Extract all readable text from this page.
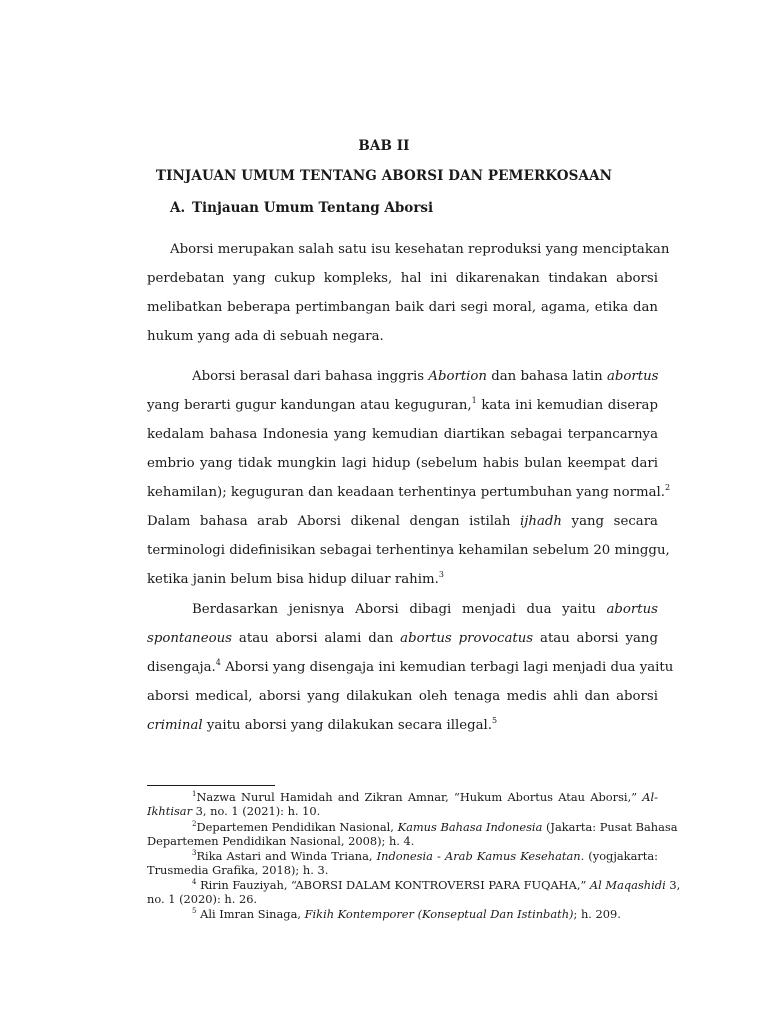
BAB II
TINJAUAN UMUM TENTANG ABORSI DAN PEMERKOSAAN
A. Tinjauan Umum Tentang Aborsi
Aborsi merupakan salah satu isu kesehatan reproduksi yang menciptakan
perdebatan yang cukup kompleks, hal ini dikarenakan tindakan aborsi
melibatkan beberapa pertimbangan baik dari segi moral, agama, etika dan
hukum yang ada di sebuah negara.
Aborsi berasal dari bahasa inggris Abortion dan bahasa latin abortus
yang berarti gugur kandungan atau keguguran,$^1$ kata ini kemudian diserap
kedalam bahasa Indonesia yang kemudian diartikan sebagai terpancarnya
embrio yang tidak mungkin lagi hidup (sebelum habis bulan keempat dari
kehamilan); keguguran dan keadaan terhentinya pertumbuhan yang normal.$^2$
Dalam bahasa arab Aborsi dikenal dengan istilah ijhadh yang secara
terminologi didefinisikan sebagai terhentinya kehamilan sebelum 20 minggu,
ketika janin belum bisa hidup diluar rahim.$^3$
Berdasarkan jenisnya Aborsi dibagi menjadi dua yaitu abortus
spontaneous atau aborsi alami dan abortus provocatus atau aborsi yang
disengaja.$^4$ Aborsi yang disengaja ini kemudian terbagi lagi menjadi dua yaitu
aborsi medical, aborsi yang dilakukan oleh tenaga medis ahli dan aborsi
criminal yaitu aborsi yang dilakukan secara illegal.$^5$
$^1$Nazwa Nurul Hamidah and Zikran Amnar, “Hukum Abortus Atau Aborsi,” Al-
Ikhtisar 3, no. 1 (2021): h. 10.
$^2$Departemen Pendidikan Nasional, Kamus Bahasa Indonesia (Jakarta: Pusat Bahasa
Departemen Pendidikan Nasional, 2008); h. 4.
$^3$Rika Astari and Winda Triana, Indonesia - Arab Kamus Kesehatan. (yogjakarta:
Trusmedia Grafika, 2018); h. 3.
$^4$ Ririn Fauziyah, “ABORSI DALAM KONTROVERSI PARA FUQAHA,” Al Maqashidi 3,
no. 1 (2020): h. 26.
$^5$ Ali Imran Sinaga, Fikih Kontemporer (Konseptual Dan Istinbath); h. 209.
